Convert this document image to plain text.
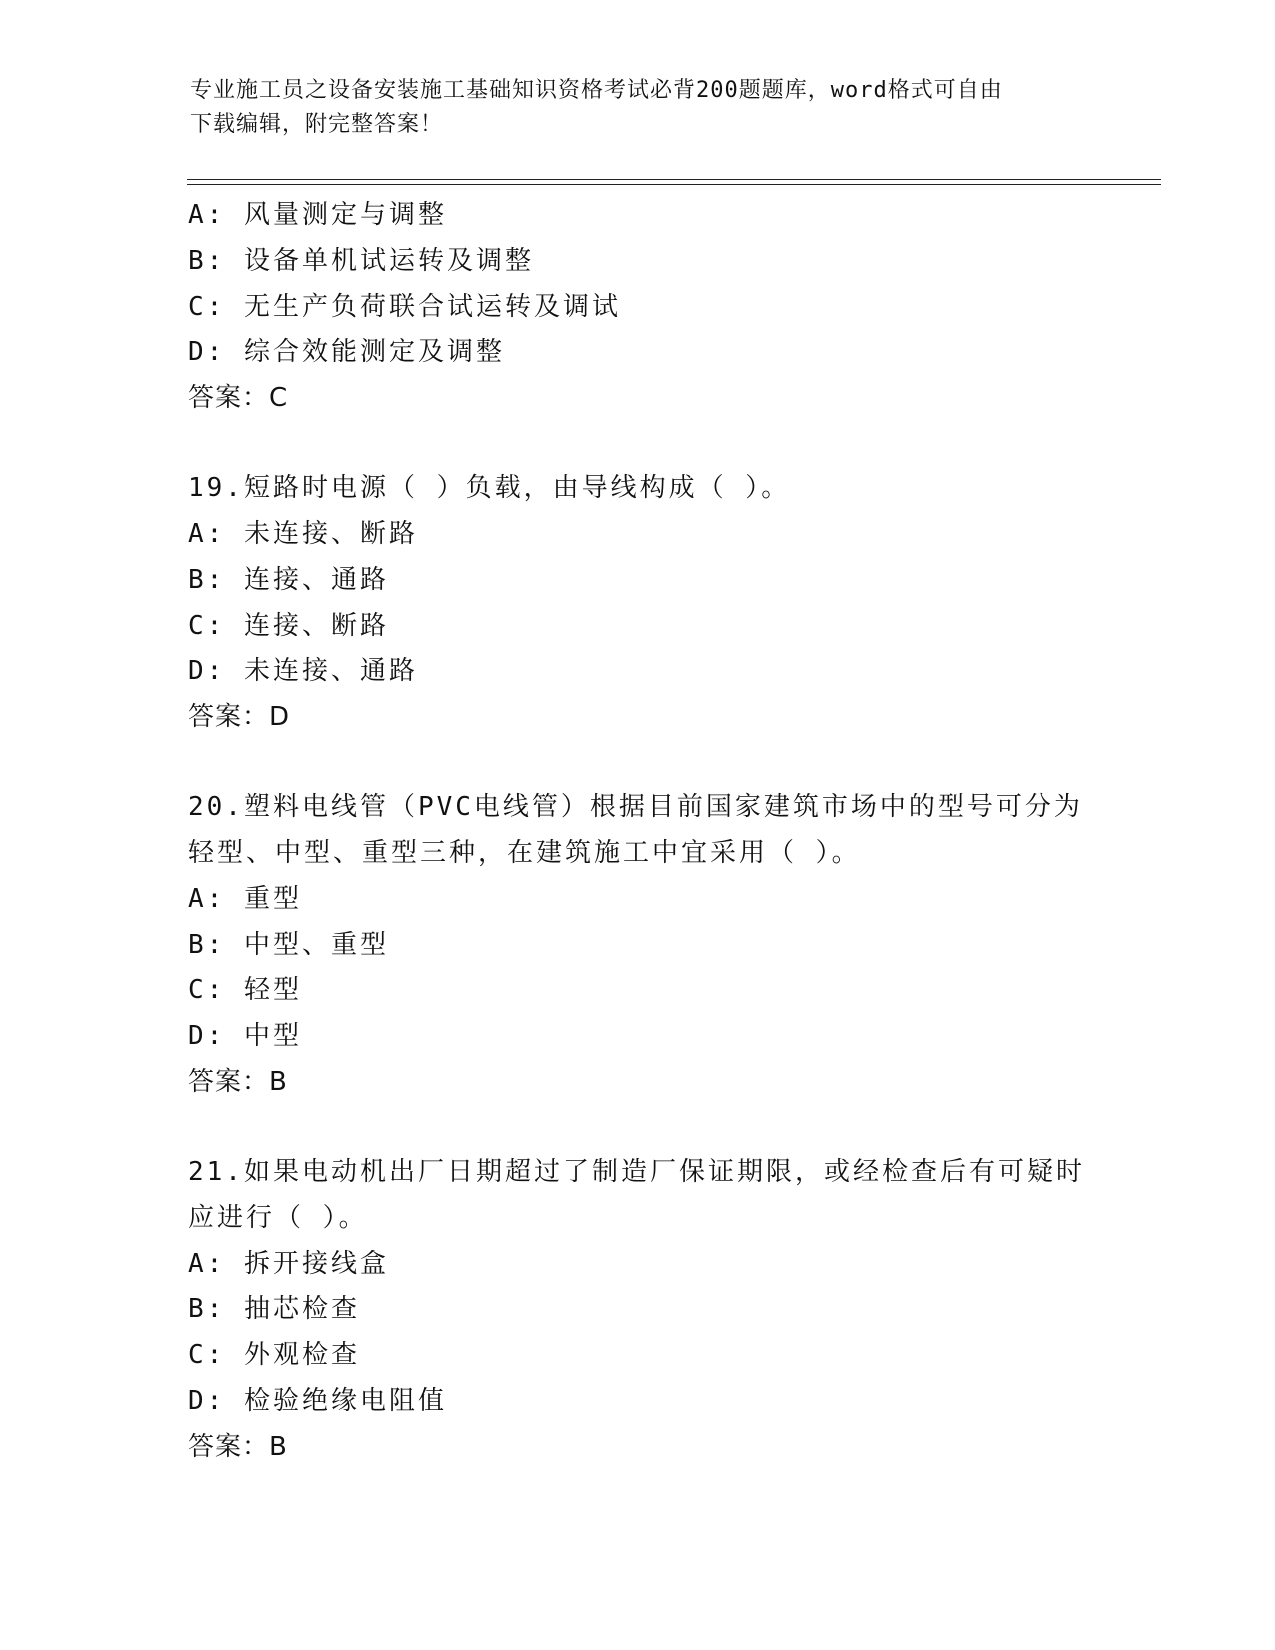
专业施工员之设备安装施工基础知识资格考试必背200题题库，word格式可自由
下载编辑，附完整答案！
A: 风量测定与调整
B: 设备单机试运转及调整
C: 无生产负荷联合试运转及调试
D: 综合效能测定及调整
答案：C
19.短路时电源（ ）负载，由导线构成（ ）。
A: 未连接、断路
B: 连接、通路
C: 连接、断路
D: 未连接、通路
答案：D
20.塑料电线管（PVC电线管）根据目前国家建筑市场中的型号可分为
轻型、中型、重型三种，在建筑施工中宜采用（ ）。
A: 重型
B: 中型、重型
C: 轻型
D: 中型
答案：B
21.如果电动机出厂日期超过了制造厂保证期限，或经检查后有可疑时
应进行（ ）。
A: 拆开接线盒
B: 抽芯检查
C: 外观检查
D: 检验绝缘电阻值
答案：B
